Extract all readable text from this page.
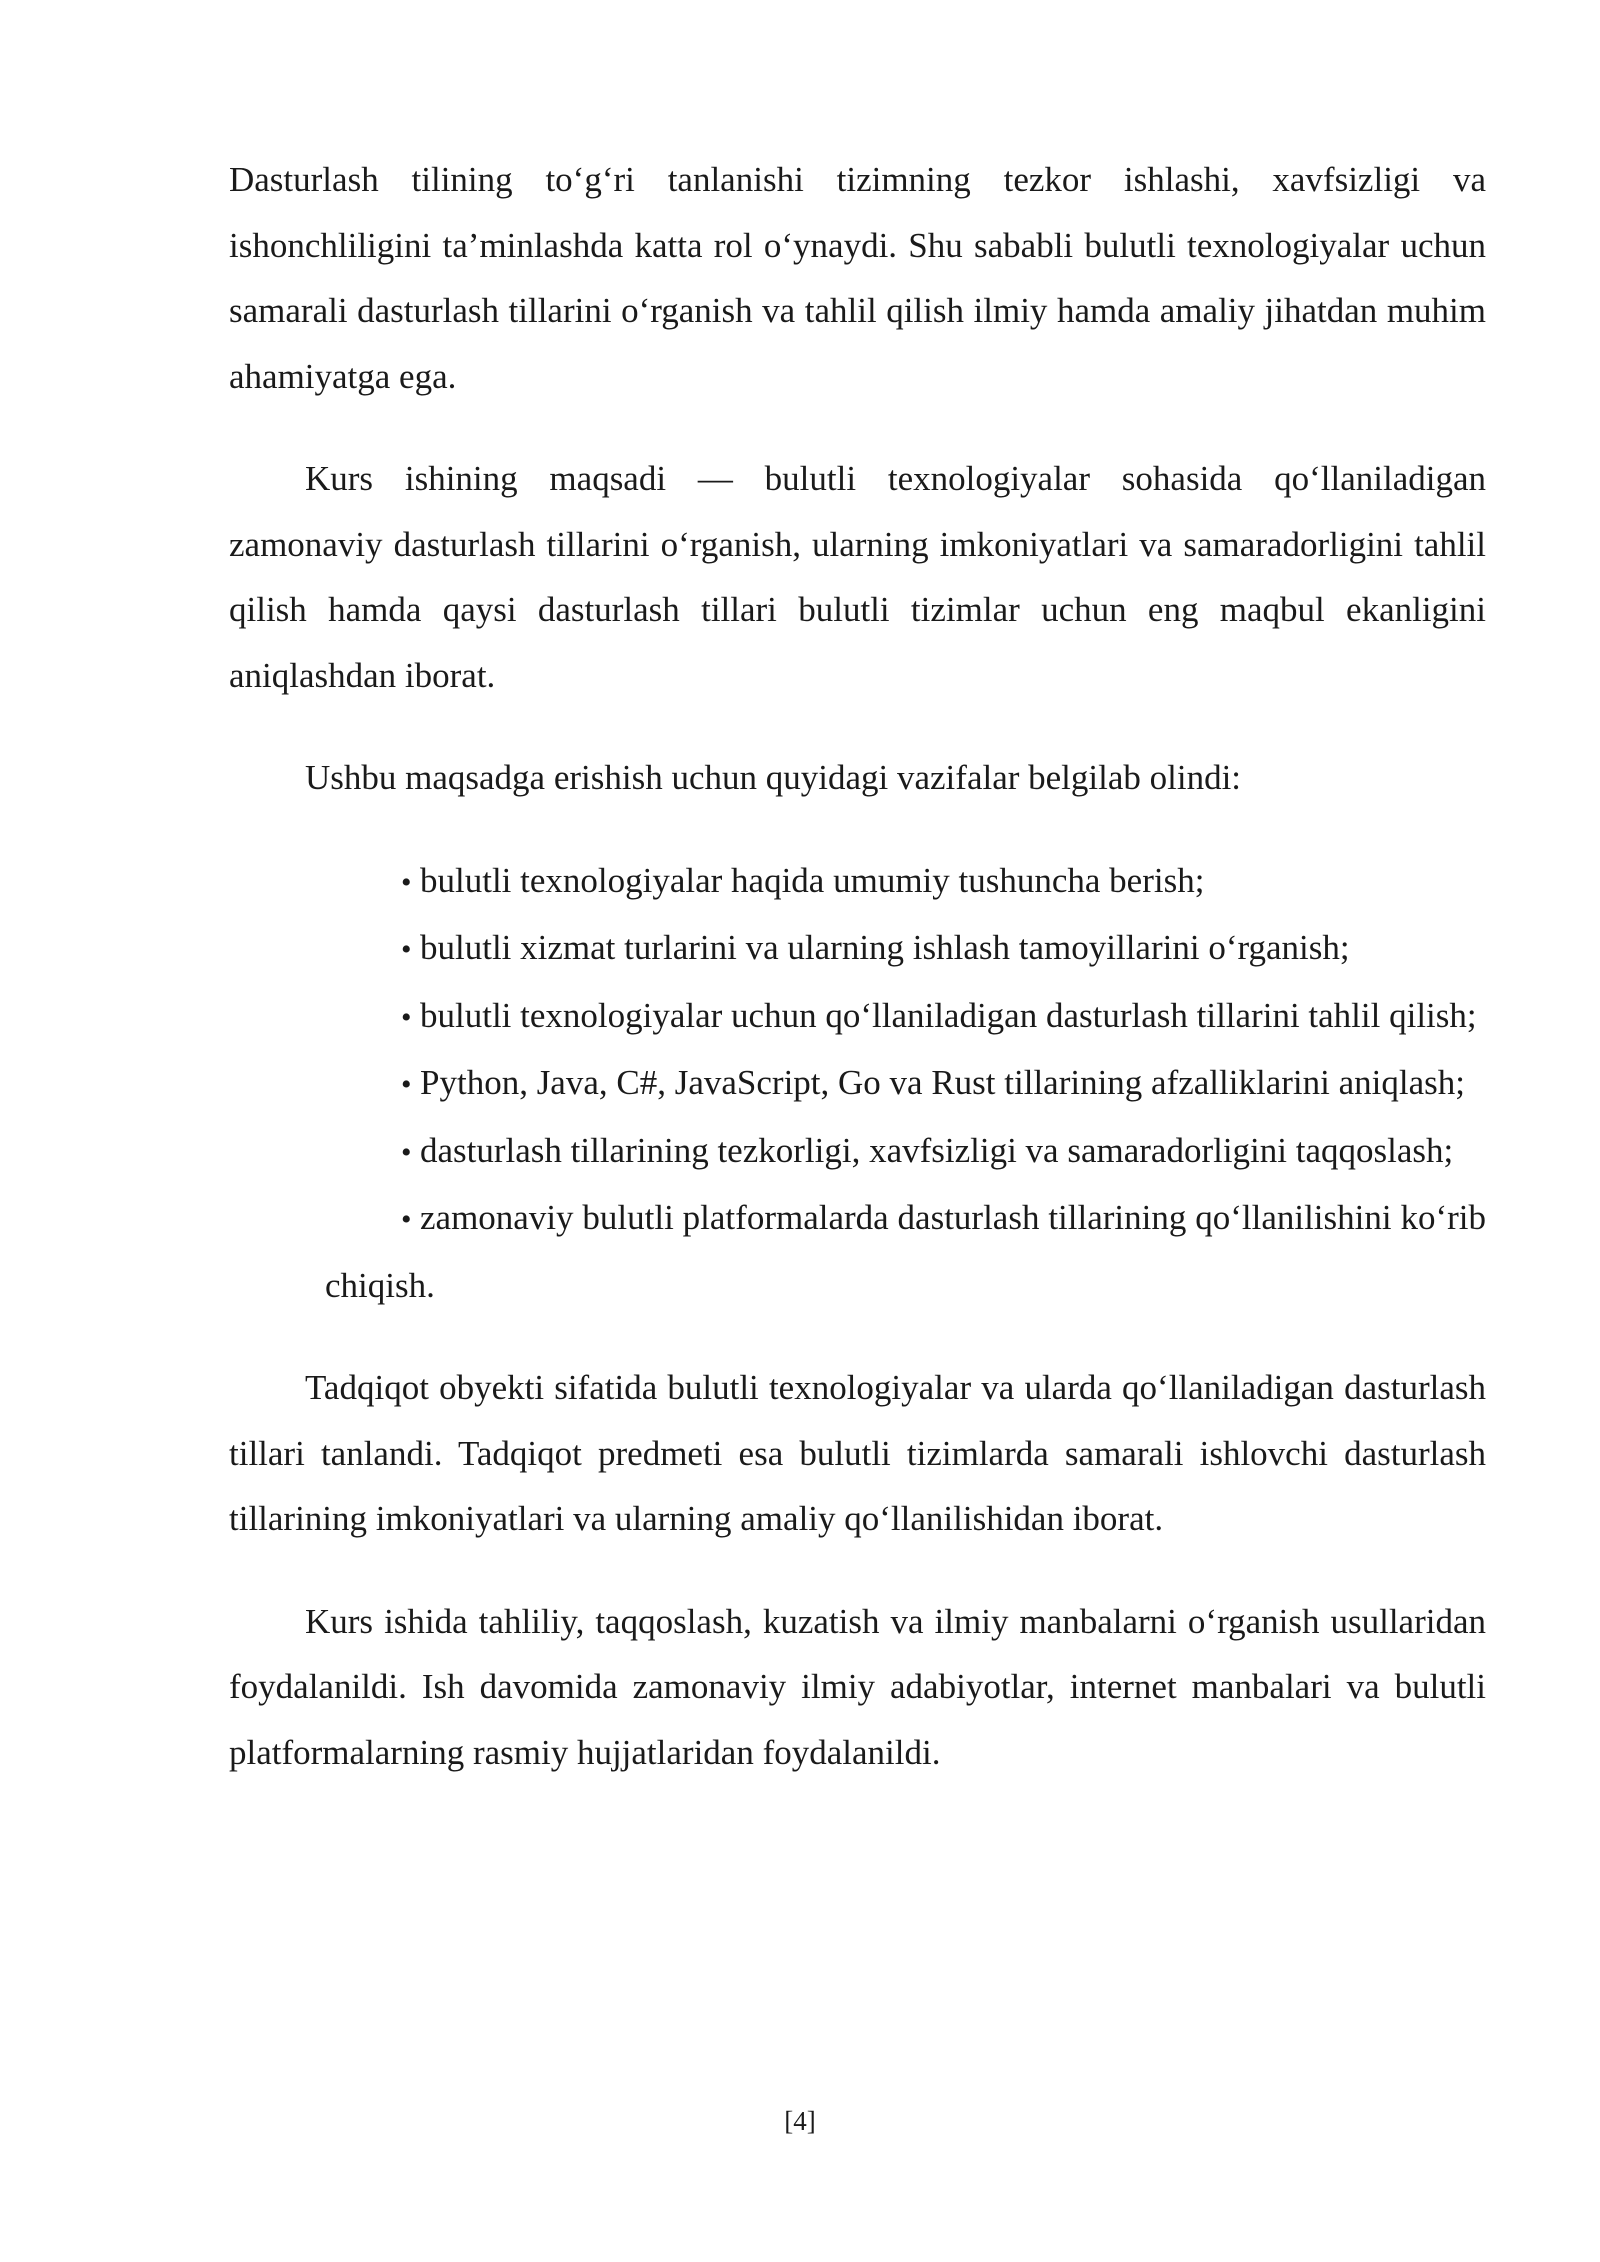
Dasturlash tilining to‘g‘ri tanlanishi tizimning tezkor ishlashi, xavfsizligi va ishonchliligini ta’minlashda katta rol o‘ynaydi. Shu sababli bulutli texnologiyalar uchun samarali dasturlash tillarini o‘rganish va tahlil qilish ilmiy hamda amaliy jihatdan muhim ahamiyatga ega.

Kurs ishining maqsadi — bulutli texnologiyalar sohasida qo‘llaniladigan zamonaviy dasturlash tillarini o‘rganish, ularning imkoniyatlari va samaradorligini tahlil qilish hamda qaysi dasturlash tillari bulutli tizimlar uchun eng maqbul ekanligini aniqlashdan iborat.

Ushbu maqsadga erishish uchun quyidagi vazifalar belgilab olindi:

• bulutli texnologiyalar haqida umumiy tushuncha berish;
• bulutli xizmat turlarini va ularning ishlash tamoyillarini o‘rganish;
• bulutli texnologiyalar uchun qo‘llaniladigan dasturlash tillarini tahlil qilish;
• Python, Java, C#, JavaScript, Go va Rust tillarining afzalliklarini aniqlash;
• dasturlash tillarining tezkorligi, xavfsizligi va samaradorligini taqqoslash;
• zamonaviy bulutli platformalarda dasturlash tillarining qo‘llanilishini ko‘rib chiqish.

Tadqiqot obyekti sifatida bulutli texnologiyalar va ularda qo‘llaniladigan dasturlash tillari tanlandi. Tadqiqot predmeti esa bulutli tizimlarda samarali ishlovchi dasturlash tillarining imkoniyatlari va ularning amaliy qo‘llanilishidan iborat.

Kurs ishida tahliliy, taqqoslash, kuzatish va ilmiy manbalarni o‘rganish usullaridan foydalanildi. Ish davomida zamonaviy ilmiy adabiyotlar, internet manbalari va bulutli platformalarning rasmiy hujjatlaridan foydalanildi.

[4]
